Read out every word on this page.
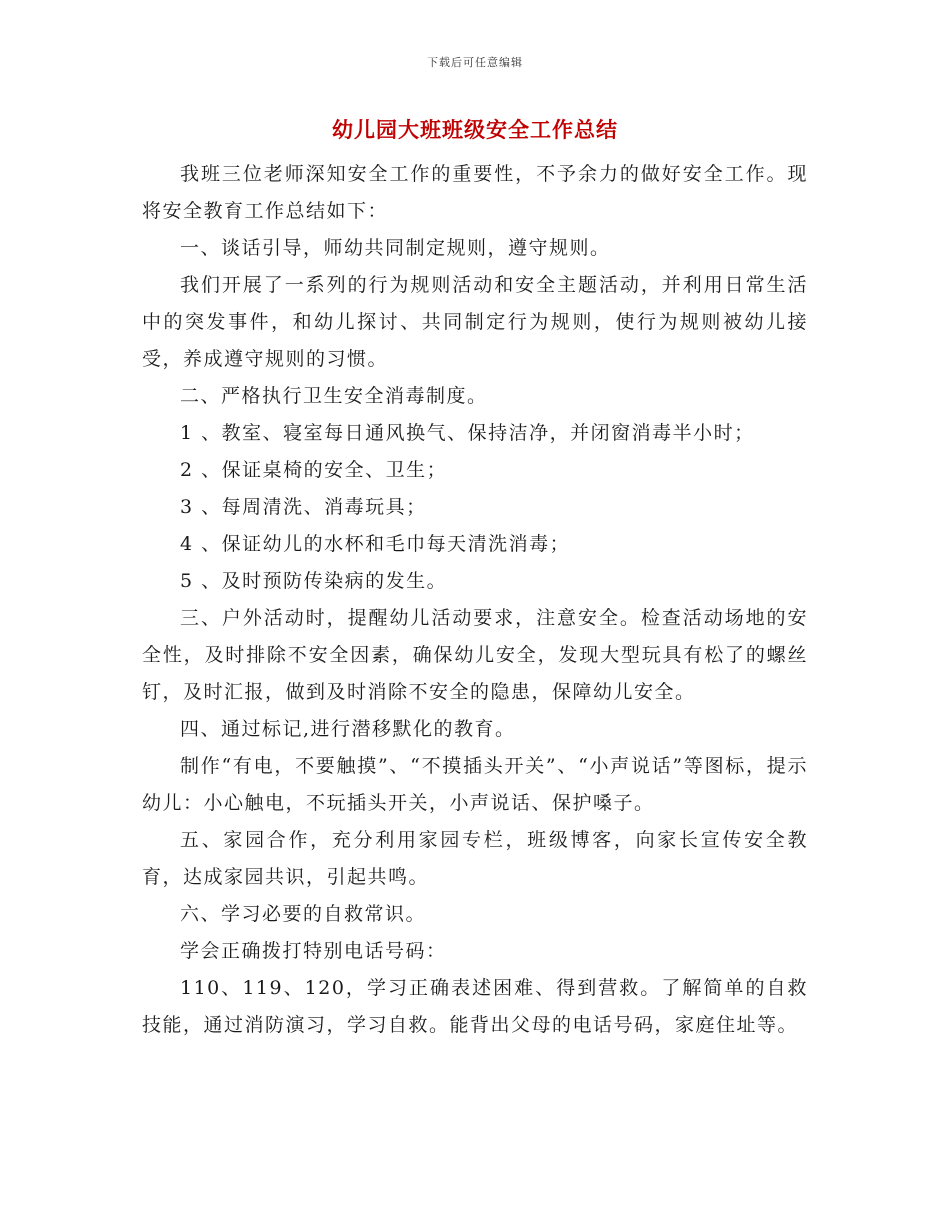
下载后可任意编辑
幼儿园大班班级安全工作总结

我班三位老师深知安全工作的重要性，不予余力的做好安全工作。现将安全教育工作总结如下：

一、谈话引导，师幼共同制定规则，遵守规则。

我们开展了一系列的行为规则活动和安全主题活动，并利用日常生活中的突发事件，和幼儿探讨、共同制定行为规则，使行为规则被幼儿接受，养成遵守规则的习惯。

二、严格执行卫生安全消毒制度。

1 、教室、寝室每日通风换气、保持洁净，并闭窗消毒半小时；

2 、保证桌椅的安全、卫生；

3 、每周清洗、消毒玩具；

4 、保证幼儿的水杯和毛巾每天清洗消毒；

5 、及时预防传染病的发生。

三、户外活动时，提醒幼儿活动要求，注意安全。检查活动场地的安全性，及时排除不安全因素，确保幼儿安全，发现大型玩具有松了的螺丝钉，及时汇报，做到及时消除不安全的隐患，保障幼儿安全。

四、通过标记,进行潜移默化的教育。

制作“有电，不要触摸”、“不摸插头开关”、“小声说话”等图标，提示幼儿：小心触电，不玩插头开关，小声说话、保护嗓子。

五、家园合作，充分利用家园专栏，班级博客，向家长宣传安全教育，达成家园共识，引起共鸣。

六、学习必要的自救常识。

学会正确拨打特别电话号码：

110、119、120，学习正确表述困难、得到营救。了解简单的自救技能，通过消防演习，学习自救。能背出父母的电话号码，家庭住址等。
